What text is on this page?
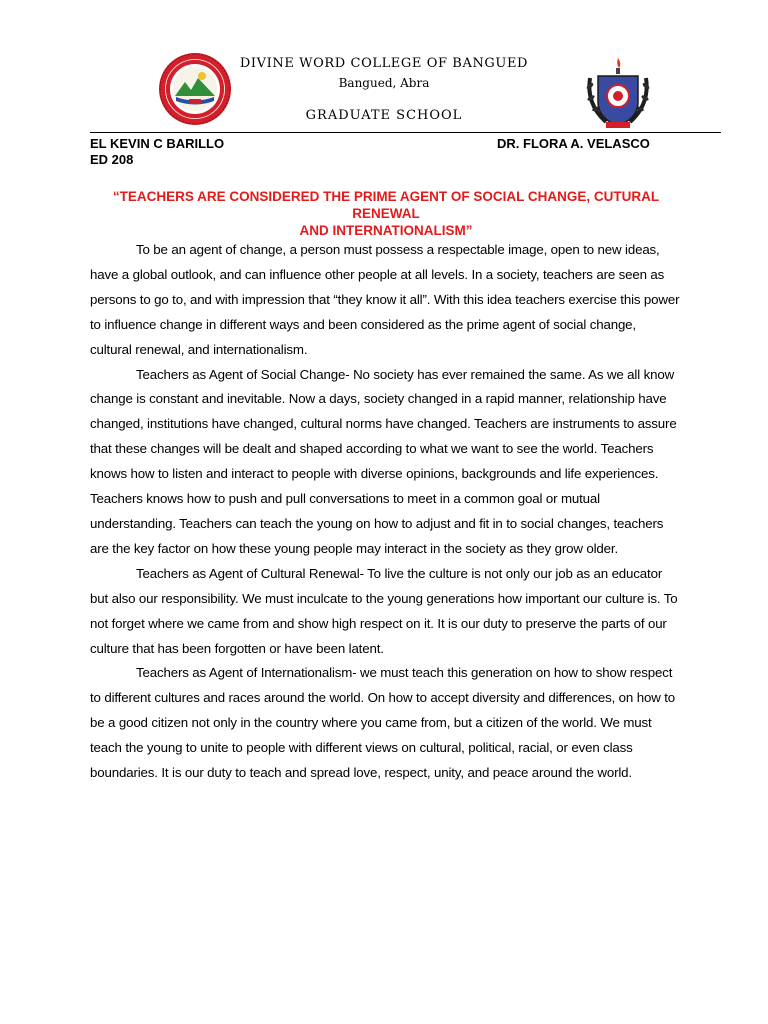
DIVINE WORD COLLEGE OF BANGUED
Bangued, Abra
GRADUATE SCHOOL
EL KEVIN C BARILLO
ED 208
DR. FLORA A. VELASCO
“TEACHERS ARE CONSIDERED THE PRIME AGENT OF SOCIAL CHANGE, CUTURAL RENEWAL
AND INTERNATIONALISM”

To be an agent of change, a person must possess a respectable image, open to new ideas, have a global outlook, and can influence other people at all levels. In a society, teachers are seen as persons to go to, and with impression that “they know it all”. With this idea teachers exercise this power to influence change in different ways and been considered as the prime agent of social change, cultural renewal, and internationalism.

Teachers as Agent of Social Change- No society has ever remained the same. As we all know change is constant and inevitable. Now a days, society changed in a rapid manner, relationship have changed, institutions have changed, cultural norms have changed. Teachers are instruments to assure that these changes will be dealt and shaped according to what we want to see the world. Teachers knows how to listen and interact to people with diverse opinions, backgrounds and life experiences. Teachers knows how to push and pull conversations to meet in a common goal or mutual understanding. Teachers can teach the young on how to adjust and fit in to social changes, teachers are the key factor on how these young people may interact in the society as they grow older.

Teachers as Agent of Cultural Renewal- To live the culture is not only our job as an educator but also our responsibility. We must inculcate to the young generations how important our culture is. To not forget where we came from and show high respect on it. It is our duty to preserve the parts of our culture that has been forgotten or have been latent.

Teachers as Agent of Internationalism- we must teach this generation on how to show respect to different cultures and races around the world. On how to accept diversity and differences, on how to be a good citizen not only in the country where you came from, but a citizen of the world. We must teach the young to unite to people with different views on cultural, political, racial, or even class boundaries. It is our duty to teach and spread love, respect, unity, and peace around the world.
